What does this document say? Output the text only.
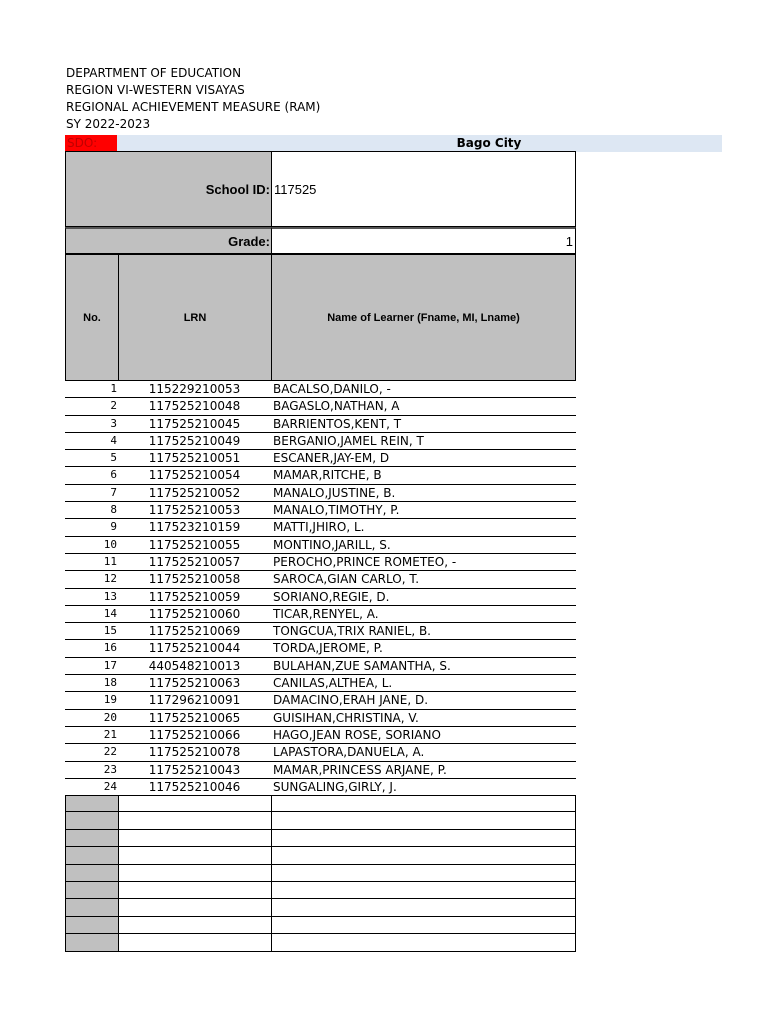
DEPARTMENT OF EDUCATION
REGION VI-WESTERN VISAYAS
REGIONAL ACHIEVEMENT MEASURE (RAM)
SY 2022-2023
SDO:	Bago City
School ID: 117525
Grade:	1
No.	LRN	Name of Learner (Fname, MI, Lname)
1	115229210053	BACALSO,DANILO, -
2	117525210048	BAGASLO,NATHAN, A
3	117525210045	BARRIENTOS,KENT, T
4	117525210049	BERGANIO,JAMEL REIN, T
5	117525210051	ESCANER,JAY-EM, D
6	117525210054	MAMAR,RITCHE, B
7	117525210052	MANALO,JUSTINE, B.
8	117525210053	MANALO,TIMOTHY, P.
9	117523210159	MATTI,JHIRO, L.
10	117525210055	MONTINO,JARILL, S.
11	117525210057	PEROCHO,PRINCE ROMETEO, -
12	117525210058	SAROCA,GIAN CARLO, T.
13	117525210059	SORIANO,REGIE, D.
14	117525210060	TICAR,RENYEL, A.
15	117525210069	TONGCUA,TRIX RANIEL, B.
16	117525210044	TORDA,JEROME, P.
17	440548210013	BULAHAN,ZUE SAMANTHA, S.
18	117525210063	CANILAS,ALTHEA, L.
19	117296210091	DAMACINO,ERAH JANE, D.
20	117525210065	GUISIHAN,CHRISTINA, V.
21	117525210066	HAGO,JEAN ROSE, SORIANO
22	117525210078	LAPASTORA,DANUELA, A.
23	117525210043	MAMAR,PRINCESS ARJANE, P.
24	117525210046	SUNGALING,GIRLY, J.
